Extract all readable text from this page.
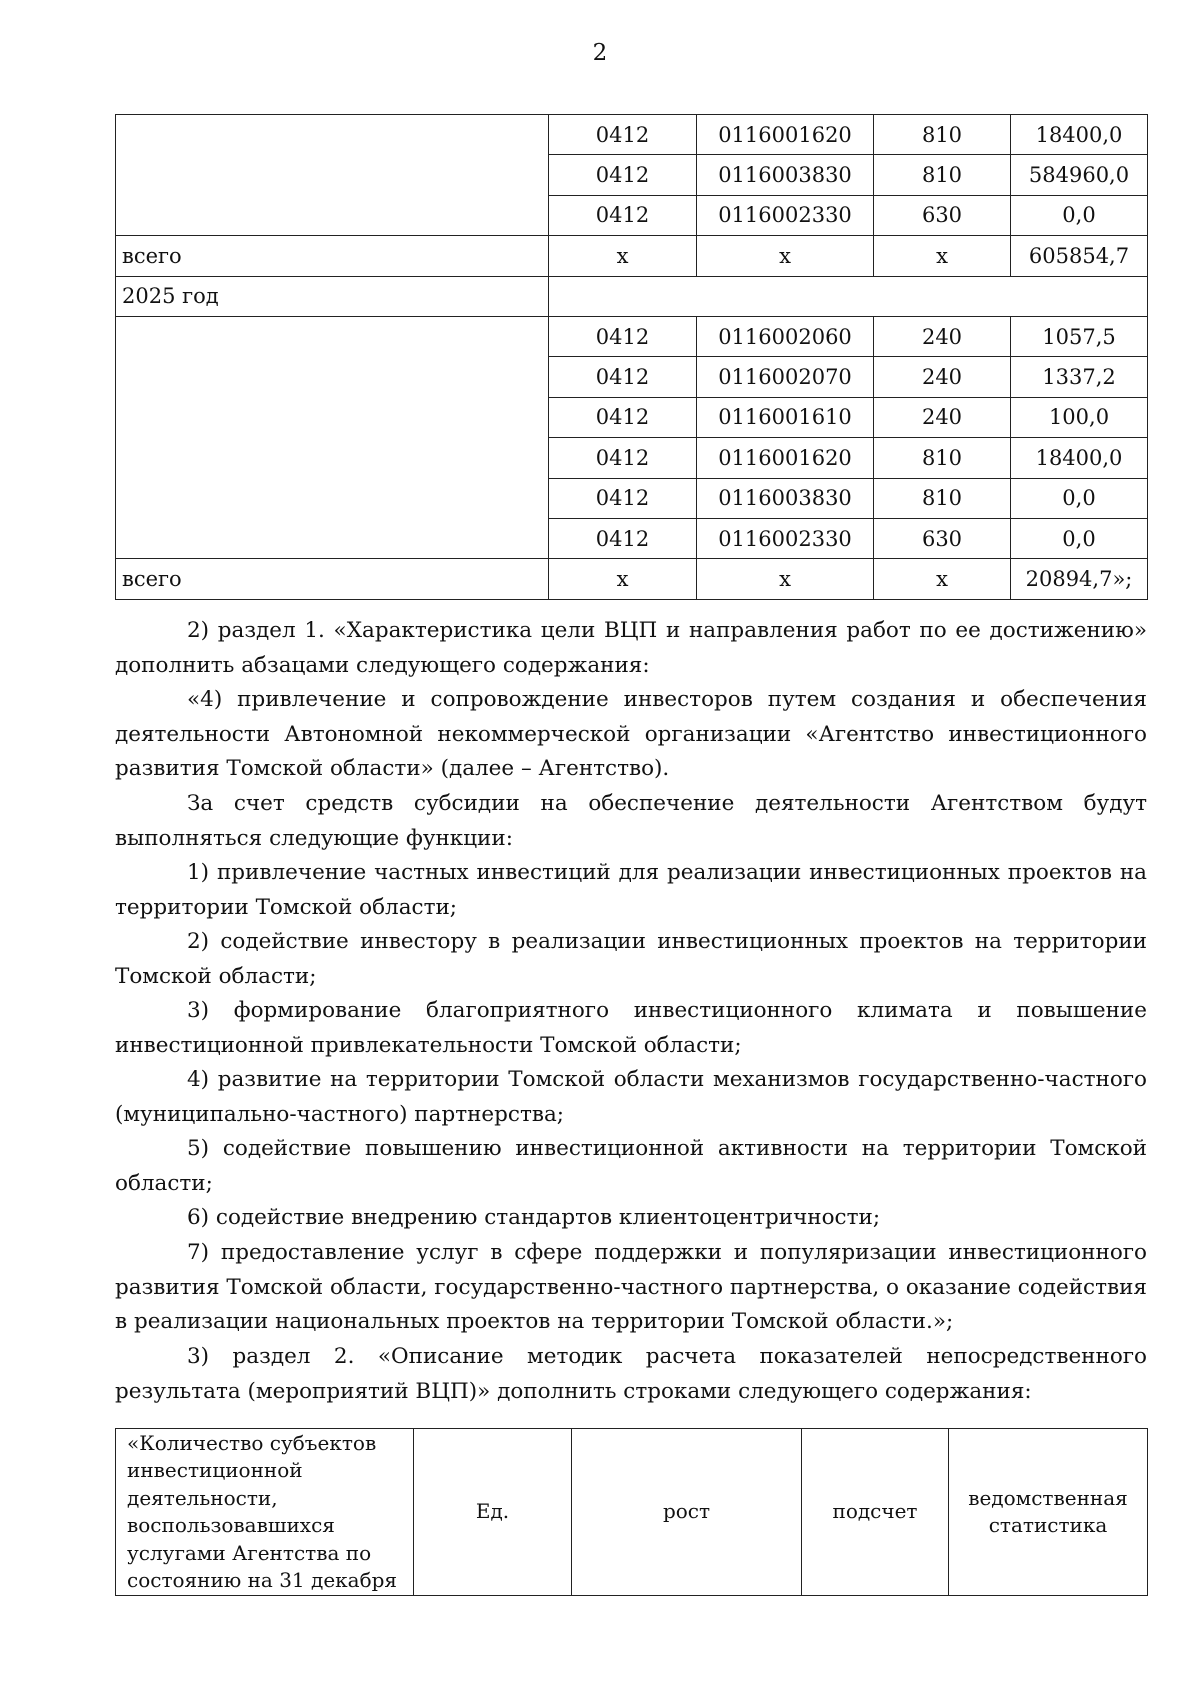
2
	0412	0116001620	810	18400,0
	0412	0116003830	810	584960,0
	0412	0116002330	630	0,0
всего	х	х	х	605854,7
2025 год				
	0412	0116002060	240	1057,5
	0412	0116002070	240	1337,2
	0412	0116001610	240	100,0
	0412	0116001620	810	18400,0
	0412	0116003830	810	0,0
	0412	0116002330	630	0,0
всего	х	х	х	20894,7»;

2) раздел 1. «Характеристика цели ВЦП и направления работ по ее достижению» дополнить абзацами следующего содержания:

«4) привлечение и сопровождение инвесторов путем создания и обеспечения деятельности Автономной некоммерческой организации «Агентство инвестиционного развития Томской области» (далее – Агентство).

За счет средств субсидии на обеспечение деятельности Агентством будут выполняться следующие функции:

1) привлечение частных инвестиций для реализации инвестиционных проектов на территории Томской области;

2) содействие инвестору в реализации инвестиционных проектов на территории Томской области;

3) формирование благоприятного инвестиционного климата и повышение инвестиционной привлекательности Томской области;

4) развитие на территории Томской области механизмов государственно-частного (муниципально-частного) партнерства;

5) содействие повышению инвестиционной активности на территории Томской области;

6) содействие внедрению стандартов клиентоцентричности;

7) предоставление услуг в сфере поддержки и популяризации инвестиционного развития Томской области, государственно-частного партнерства, о оказание содействия в реализации национальных проектов на территории Томской области.»;

3) раздел 2. «Описание методик расчета показателей непосредственного результата (мероприятий ВЦП)» дополнить строками следующего содержания:

«Количество субъектов инвестиционной деятельности, воспользовавшихся услугами Агентства по состоянию на 31 декабря	Ед.	рост	подсчет	ведомственная статистика
